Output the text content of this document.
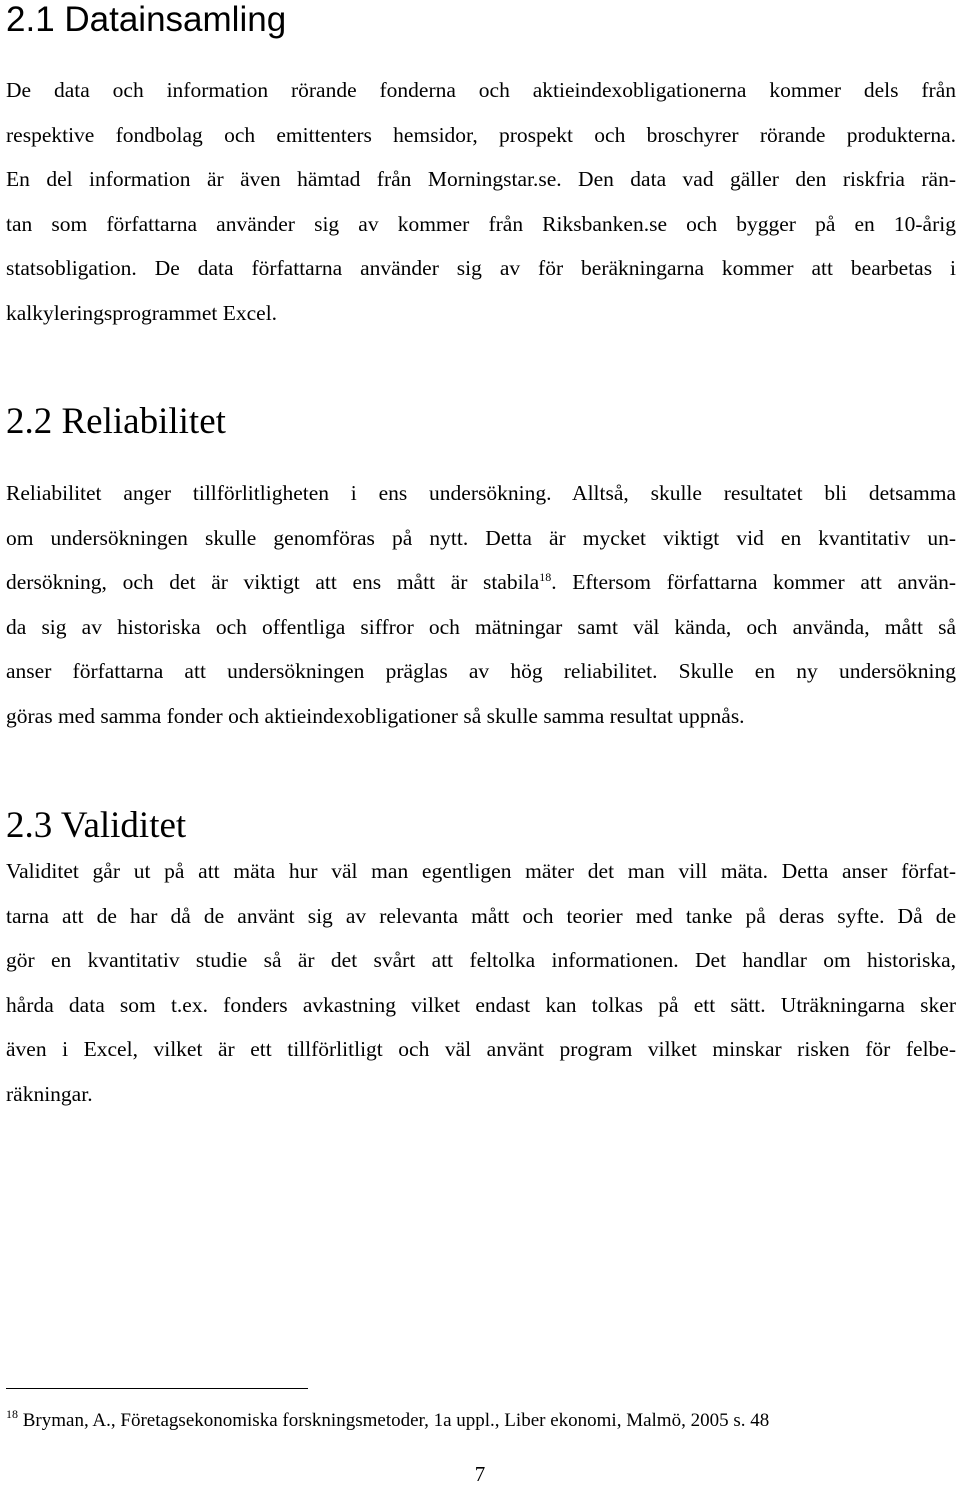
2.1 Datainsamling
De data och information rörande fonderna och aktieindexobligationerna kommer dels från
respektive fondbolag och emittenters hemsidor, prospekt och broschyrer rörande produkterna.
En del information är även hämtad från Morningstar.se. Den data vad gäller den riskfria rän-
tan som författarna använder sig av kommer från Riksbanken.se och bygger på en 10-årig
statsobligation. De data författarna använder sig av för beräkningarna kommer att bearbetas i
kalkyleringsprogrammet Excel.
2.2 Reliabilitet
Reliabilitet anger tillförlitligheten i ens undersökning. Alltså, skulle resultatet bli detsamma
om undersökningen skulle genomföras på nytt. Detta är mycket viktigt vid en kvantitativ un-
dersökning, och det är viktigt att ens mått är stabila$^{18}$. Eftersom författarna kommer att använ-
da sig av historiska och offentliga siffror och mätningar samt väl kända, och använda, mått så
anser författarna att undersökningen präglas av hög reliabilitet. Skulle en ny undersökning
göras med samma fonder och aktieindexobligationer så skulle samma resultat uppnås.
2.3 Validitet
Validitet går ut på att mäta hur väl man egentligen mäter det man vill mäta. Detta anser förfat-
tarna att de har då de använt sig av relevanta mått och teorier med tanke på deras syfte. Då de
gör en kvantitativ studie så är det svårt att feltolka informationen. Det handlar om historiska,
hårda data som t.ex. fonders avkastning vilket endast kan tolkas på ett sätt. Uträkningarna sker
även i Excel, vilket är ett tillförlitligt och väl använt program vilket minskar risken för felbe-
räkningar.

$^{18}$ Bryman, A., Företagsekonomiska forskningsmetoder, 1a uppl., Liber ekonomi, Malmö, 2005 s. 48

7
